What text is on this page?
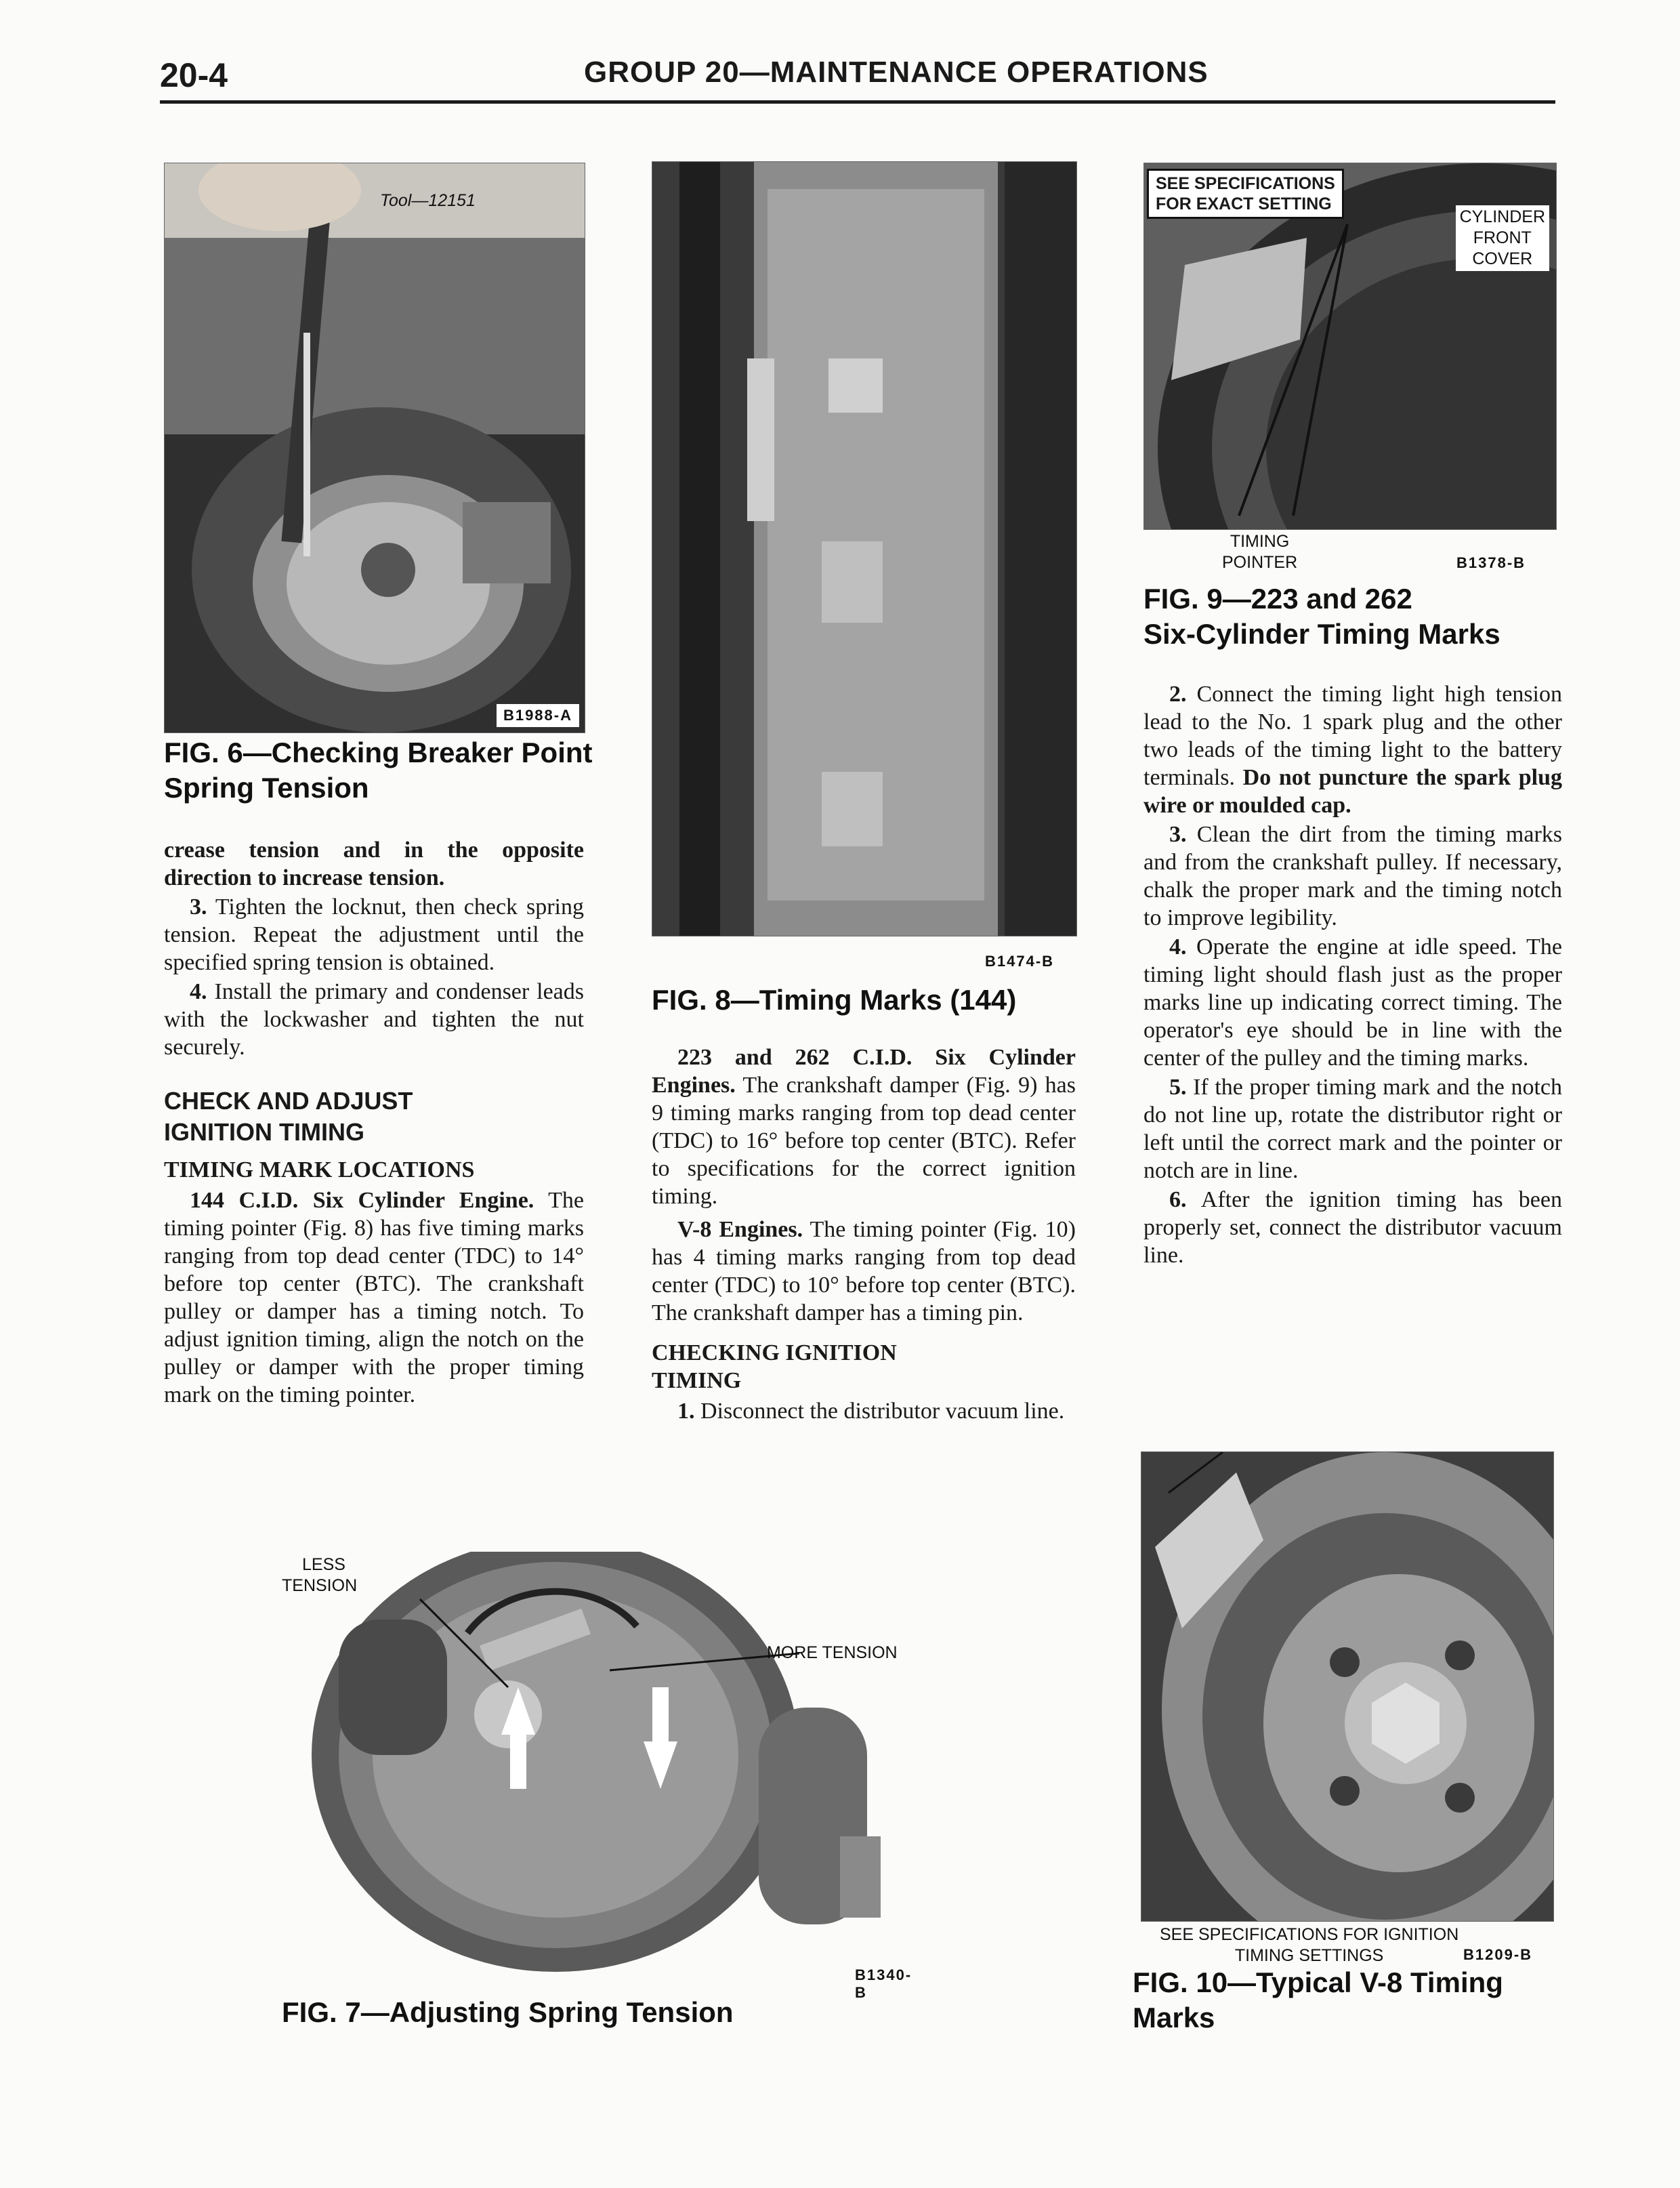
20-4	GROUP 20—MAINTENANCE OPERATIONS
Tool—12151
B1988-A
FIG. 6—Checking Breaker Point
Spring Tension
B1474-B
FIG. 8—Timing Marks (144)
SEE SPECIFICATIONS
FOR EXACT SETTING
CYLINDER
FRONT
COVER
TIMING
POINTER	B1378-B
FIG. 9—223 and 262
Six-Cylinder Timing Marks

crease tension and in the opposite direction to increase tension.

3. Tighten the locknut, then check spring tension. Repeat the adjustment until the specified spring tension is obtained.

4. Install the primary and condenser leads with the lockwasher and tighten the nut securely.

CHECK AND ADJUST
IGNITION TIMING
TIMING MARK LOCATIONS

144 C.I.D. Six Cylinder Engine. The timing pointer (Fig. 8) has five timing marks ranging from top dead center (TDC) to 14° before top center (BTC). The crankshaft pulley or damper has a timing notch. To adjust ignition timing, align the notch on the pulley or damper with the proper timing mark on the timing pointer.

223 and 262 C.I.D. Six Cylinder Engines. The crankshaft damper (Fig. 9) has 9 timing marks ranging from top dead center (TDC) to 16° before top center (BTC). Refer to specifications for the correct ignition timing.

V-8 Engines. The timing pointer (Fig. 10) has 4 timing marks ranging from top dead center (TDC) to 10° before top center (BTC). The crankshaft damper has a timing pin.

CHECKING IGNITION
TIMING

1. Disconnect the distributor vacuum line.

2. Connect the timing light high tension lead to the No. 1 spark plug and the other two leads of the timing light to the battery terminals. Do not puncture the spark plug wire or moulded cap.

3. Clean the dirt from the timing marks and from the crankshaft pulley. If necessary, chalk the proper mark and the timing notch to improve legibility.

4. Operate the engine at idle speed. The timing light should flash just as the proper marks line up indicating correct timing. The operator's eye should be in line with the center of the pulley and the timing marks.

5. If the proper timing mark and the notch do not line up, rotate the distributor right or left until the correct mark and the pointer or notch are in line.

6. After the ignition timing has been properly set, connect the distributor vacuum line.

LESS
TENSION
MORE TENSION
B1340-B
FIG. 7—Adjusting Spring Tension
SEE SPECIFICATIONS FOR IGNITION
TIMING SETTINGS	B1209-B
FIG. 10—Typical V-8 Timing
Marks
